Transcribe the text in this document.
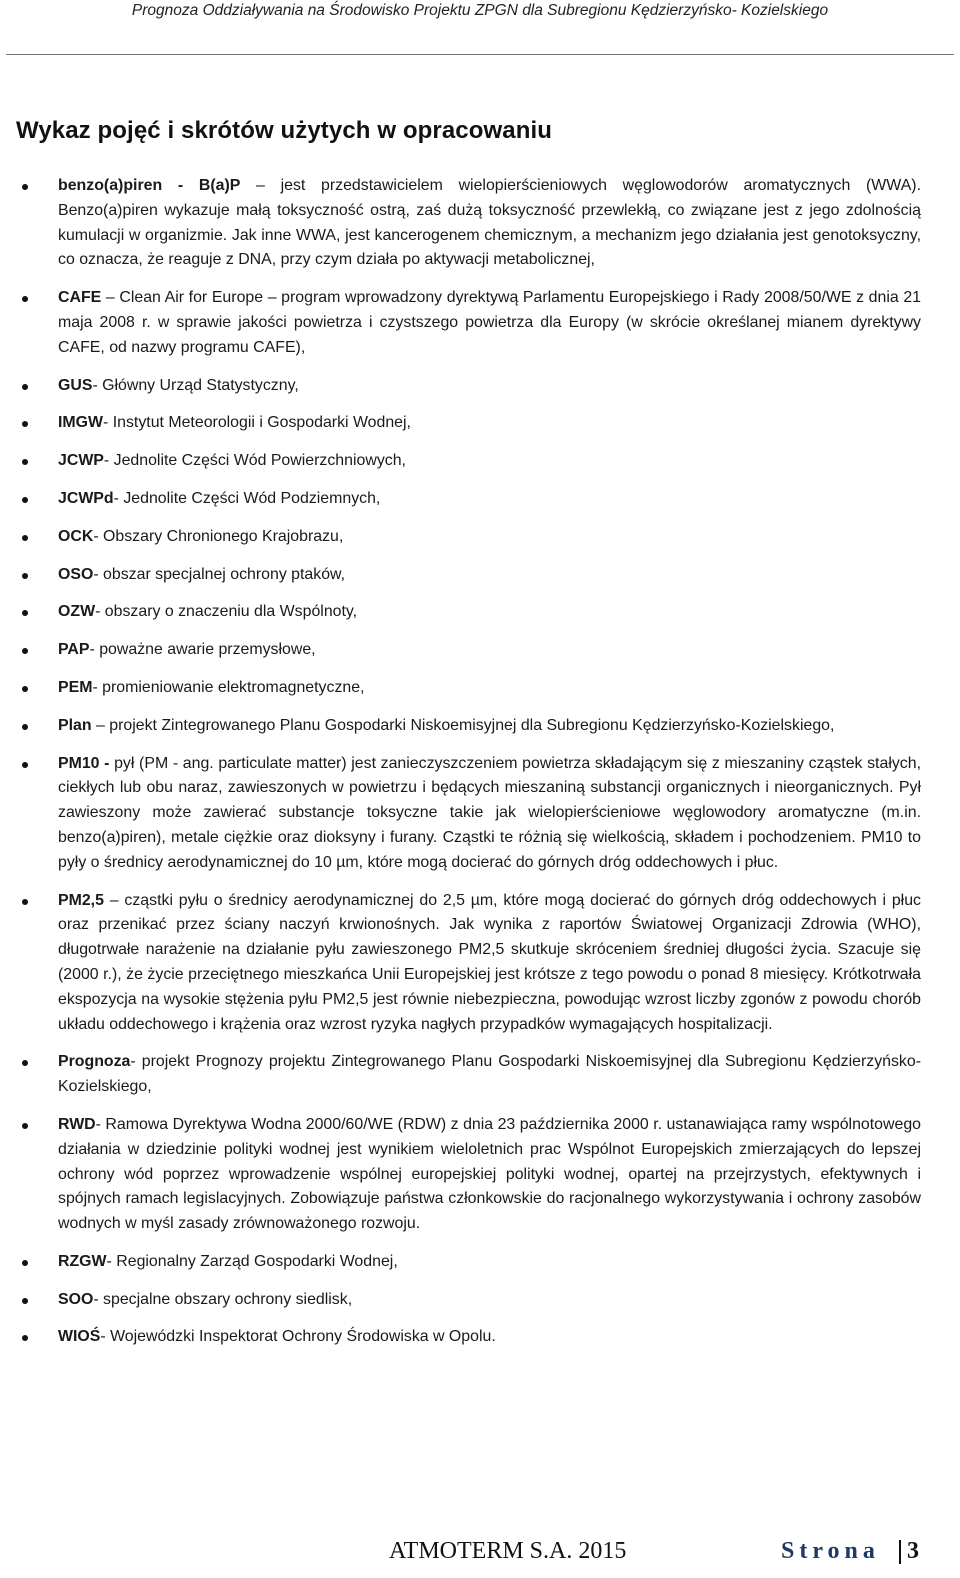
Prognoza Oddziaływania na Środowisko Projektu ZPGN dla Subregionu Kędzierzyńsko- Kozielskiego
Wykaz pojęć i skrótów użytych w opracowaniu
benzo(a)piren - B(a)P – jest przedstawicielem wielopierścieniowych węglowodorów aromatycznych (WWA). Benzo(a)piren wykazuje małą toksyczność ostrą, zaś dużą toksyczność przewlekłą, co związane jest z jego zdolnością kumulacji w organizmie. Jak inne WWA, jest kancerogenem chemicznym, a mechanizm jego działania jest genotoksyczny, co oznacza, że reaguje z DNA, przy czym działa po aktywacji metabolicznej,
CAFE – Clean Air for Europe – program wprowadzony dyrektywą Parlamentu Europejskiego i Rady 2008/50/WE z dnia 21 maja 2008 r. w sprawie jakości powietrza i czystszego powietrza dla Europy (w skrócie określanej mianem dyrektywy CAFE, od nazwy programu CAFE),
GUS- Główny Urząd Statystyczny,
IMGW- Instytut Meteorologii i Gospodarki Wodnej,
JCWP- Jednolite Części Wód Powierzchniowych,
JCWPd- Jednolite Części Wód Podziemnych,
OCK- Obszary Chronionego Krajobrazu,
OSO- obszar specjalnej ochrony ptaków,
OZW- obszary o znaczeniu dla Wspólnoty,
PAP- poważne awarie przemysłowe,
PEM- promieniowanie elektromagnetyczne,
Plan – projekt Zintegrowanego Planu Gospodarki Niskoemisyjnej dla Subregionu Kędzierzyńsko-Kozielskiego,
PM10 - pył (PM - ang. particulate matter) jest zanieczyszczeniem powietrza składającym się z mieszaniny cząstek stałych, ciekłych lub obu naraz, zawieszonych w powietrzu i będących mieszaniną substancji organicznych i nieorganicznych. Pył zawieszony może zawierać substancje toksyczne takie jak wielopierścieniowe węglowodory aromatyczne (m.in. benzo(a)piren), metale ciężkie oraz dioksyny i furany. Cząstki te różnią się wielkością, składem i pochodzeniem. PM10 to pyły o średnicy aerodynamicznej do 10 µm, które mogą docierać do górnych dróg oddechowych i płuc.
PM2,5 – cząstki pyłu o średnicy aerodynamicznej do 2,5 µm, które mogą docierać do górnych dróg oddechowych i płuc oraz przenikać przez ściany naczyń krwionośnych. Jak wynika z raportów Światowej Organizacji Zdrowia (WHO), długotrwałe narażenie na działanie pyłu zawieszonego PM2,5 skutkuje skróceniem średniej długości życia. Szacuje się (2000 r.), że życie przeciętnego mieszkańca Unii Europejskiej jest krótsze z tego powodu o ponad 8 miesięcy. Krótkotrwała ekspozycja na wysokie stężenia pyłu PM2,5 jest równie niebezpieczna, powodując wzrost liczby zgonów z powodu chorób układu oddechowego i krążenia oraz wzrost ryzyka nagłych przypadków wymagających hospitalizacji.
Prognoza- projekt Prognozy projektu Zintegrowanego Planu Gospodarki Niskoemisyjnej dla Subregionu Kędzierzyńsko- Kozielskiego,
RWD- Ramowa Dyrektywa Wodna 2000/60/WE (RDW) z dnia 23 października 2000 r. ustanawiająca ramy wspólnotowego działania w dziedzinie polityki wodnej jest wynikiem wieloletnich prac Wspólnot Europejskich zmierzających do lepszej ochrony wód poprzez wprowadzenie wspólnej europejskiej polityki wodnej, opartej na przejrzystych, efektywnych i spójnych ramach legislacyjnych. Zobowiązuje państwa członkowskie do racjonalnego wykorzystywania i ochrony zasobów wodnych w myśl zasady zrównoważonego rozwoju.
RZGW- Regionalny Zarząd Gospodarki Wodnej,
SOO- specjalne obszary ochrony siedlisk,
WIOŚ- Wojewódzki Inspektorat Ochrony Środowiska w Opolu.
ATMOTERM S.A. 2015	Strona 3
